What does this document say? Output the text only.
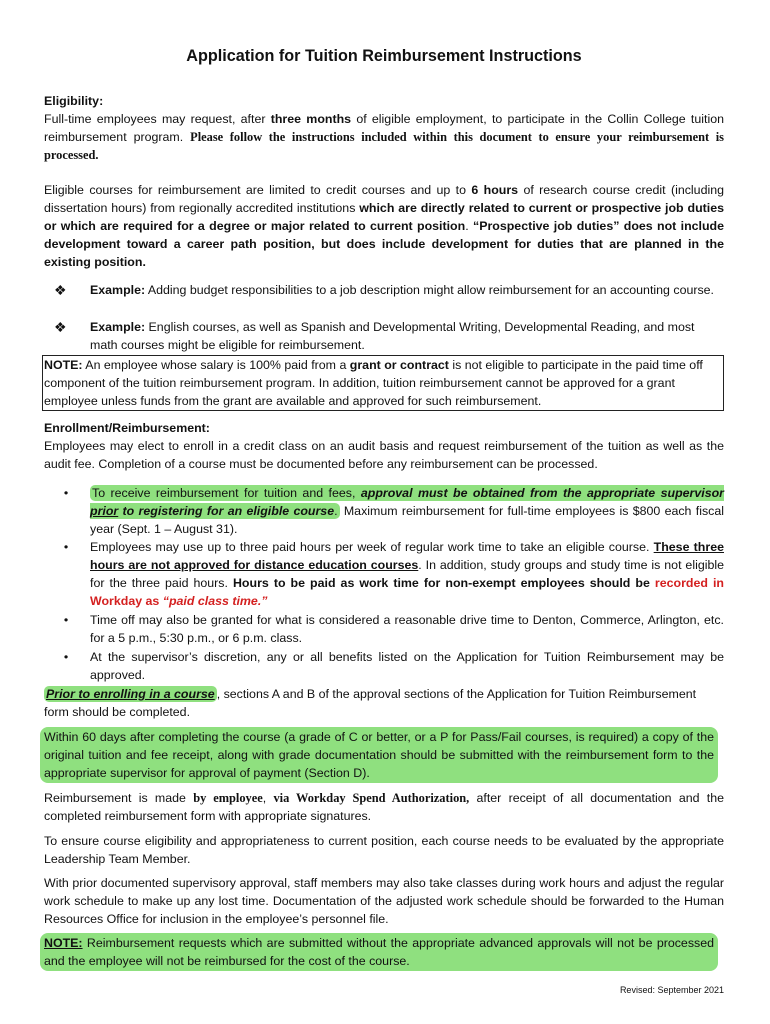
Application for Tuition Reimbursement Instructions
Eligibility:
Full-time employees may request, after three months of eligible employment, to participate in the Collin College tuition reimbursement program. Please follow the instructions included within this document to ensure your reimbursement is processed.
Eligible courses for reimbursement are limited to credit courses and up to 6 hours of research course credit (including dissertation hours) from regionally accredited institutions which are directly related to current or prospective job duties or which are required for a degree or major related to current position. “Prospective job duties” does not include development toward a career path position, but does include development for duties that are planned in the existing position.
❖ Example: Adding budget responsibilities to a job description might allow reimbursement for an accounting course.
❖ Example: English courses, as well as Spanish and Developmental Writing, Developmental Reading, and most math courses might be eligible for reimbursement.
NOTE: An employee whose salary is 100% paid from a grant or contract is not eligible to participate in the paid time off component of the tuition reimbursement program. In addition, tuition reimbursement cannot be approved for a grant employee unless funds from the grant are available and approved for such reimbursement.
Enrollment/Reimbursement:
Employees may elect to enroll in a credit class on an audit basis and request reimbursement of the tuition as well as the audit fee. Completion of a course must be documented before any reimbursement can be processed.
•	To receive reimbursement for tuition and fees, approval must be obtained from the appropriate supervisor prior to registering for an eligible course. Maximum reimbursement for full-time employees is $800 each fiscal year (Sept. 1 – August 31).
•	Employees may use up to three paid hours per week of regular work time to take an eligible course. These three hours are not approved for distance education courses. In addition, study groups and study time is not eligible for the three paid hours. Hours to be paid as work time for non-exempt employees should be recorded in Workday as “paid class time.”
•	Time off may also be granted for what is considered a reasonable drive time to Denton, Commerce, Arlington, etc. for a 5 p.m., 5:30 p.m., or 6 p.m. class.
•	At the supervisor’s discretion, any or all benefits listed on the Application for Tuition Reimbursement may be approved.
Prior to enrolling in a course , sections A and B of the approval sections of the Application for Tuition Reimbursement form should be completed.
Within 60 days after completing the course (a grade of C or better, or a P for Pass/Fail courses, is required) a copy of the original tuition and fee receipt, along with grade documentation should be submitted with the reimbursement form to the appropriate supervisor for approval of payment (Section D).
Reimbursement is made by employee, via Workday Spend Authorization, after receipt of all documentation and the completed reimbursement form with appropriate signatures.
To ensure course eligibility and appropriateness to current position, each course needs to be evaluated by the appropriate Leadership Team Member.
With prior documented supervisory approval, staff members may also take classes during work hours and adjust the regular work schedule to make up any lost time. Documentation of the adjusted work schedule should be forwarded to the Human Resources Office for inclusion in the employee’s personnel file.
NOTE: Reimbursement requests which are submitted without the appropriate advanced approvals will not be processed and the employee will not be reimbursed for the cost of the course.
Revised: September 2021
